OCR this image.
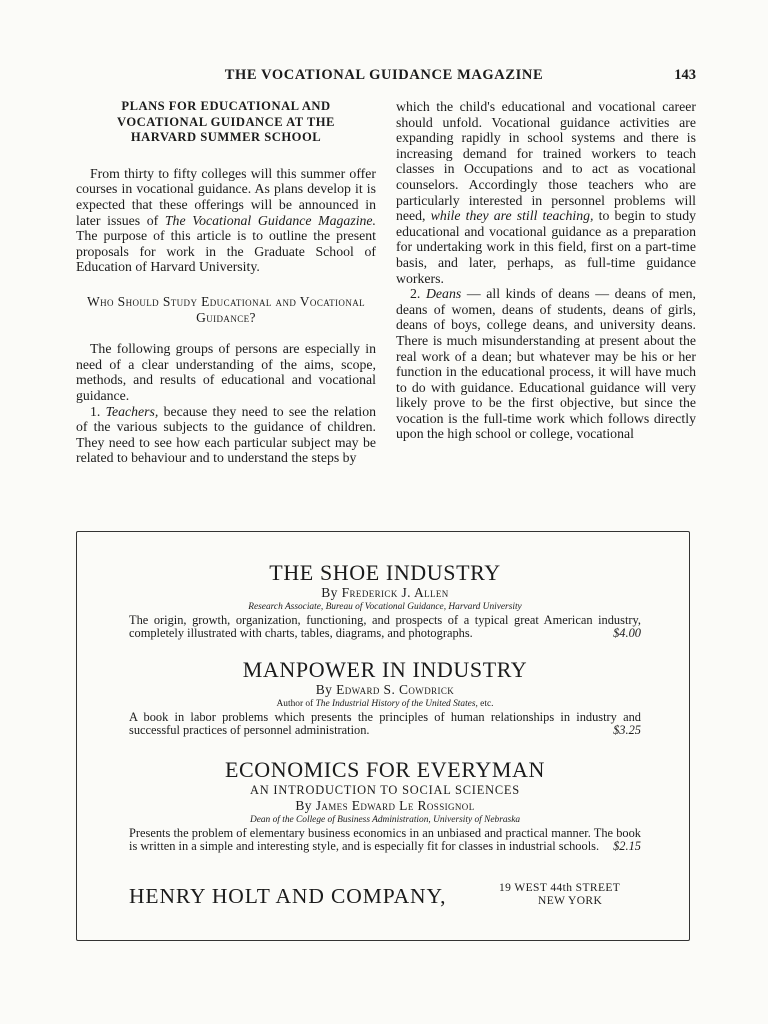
THE VOCATIONAL GUIDANCE MAGAZINE	143
PLANS FOR EDUCATIONAL AND VOCATIONAL GUIDANCE AT THE HARVARD SUMMER SCHOOL

From thirty to fifty colleges will this summer offer courses in vocational guidance. As plans develop it is expected that these offerings will be announced in later issues of The Vocational Guidance Magazine. The purpose of this article is to outline the present proposals for work in the Graduate School of Education of Harvard University.

Who Should Study Educational and Vocational Guidance?

The following groups of persons are especially in need of a clear understanding of the aims, scope, methods, and results of educational and vocational guidance.

1. Teachers, because they need to see the relation of the various subjects to the guidance of children. They need to see how each particular subject may be related to behaviour and to understand the steps by

which the child's educational and vocational career should unfold. Vocational guidance activities are expanding rapidly in school systems and there is increasing demand for trained workers to teach classes in Occupations and to act as vocational counselors. Accordingly those teachers who are particularly interested in personnel problems will need, while they are still teaching, to begin to study educational and vocational guidance as a preparation for undertaking work in this field, first on a part-time basis, and later, perhaps, as full-time guidance workers.

2. Deans — all kinds of deans — deans of men, deans of women, deans of students, deans of girls, deans of boys, college deans, and university deans. There is much misunderstanding at present about the real work of a dean; but whatever may be his or her function in the educational process, it will have much to do with guidance. Educational guidance will very likely prove to be the first objective, but since the vocation is the full-time work which follows directly upon the high school or college, vocational

THE SHOE INDUSTRY
By Frederick J. Allen
Research Associate, Bureau of Vocational Guidance, Harvard University
The origin, growth, organization, functioning, and prospects of a typical great American industry, completely illustrated with charts, tables, diagrams, and photographs.	$4.00
MANPOWER IN INDUSTRY
By Edward S. Cowdrick
Author of The Industrial History of the United States, etc.
A book in labor problems which presents the principles of human relationships in industry and successful practices of personnel administration.	$3.25
ECONOMICS FOR EVERYMAN
AN INTRODUCTION TO SOCIAL SCIENCES
By James Edward Le Rossignol
Dean of the College of Business Administration, University of Nebraska
Presents the problem of elementary business economics in an unbiased and practical manner. The book is written in a simple and interesting style, and is especially fit for classes in industrial schools. $2.15
HENRY HOLT AND COMPANY,	19 WEST 44th STREET
NEW YORK
